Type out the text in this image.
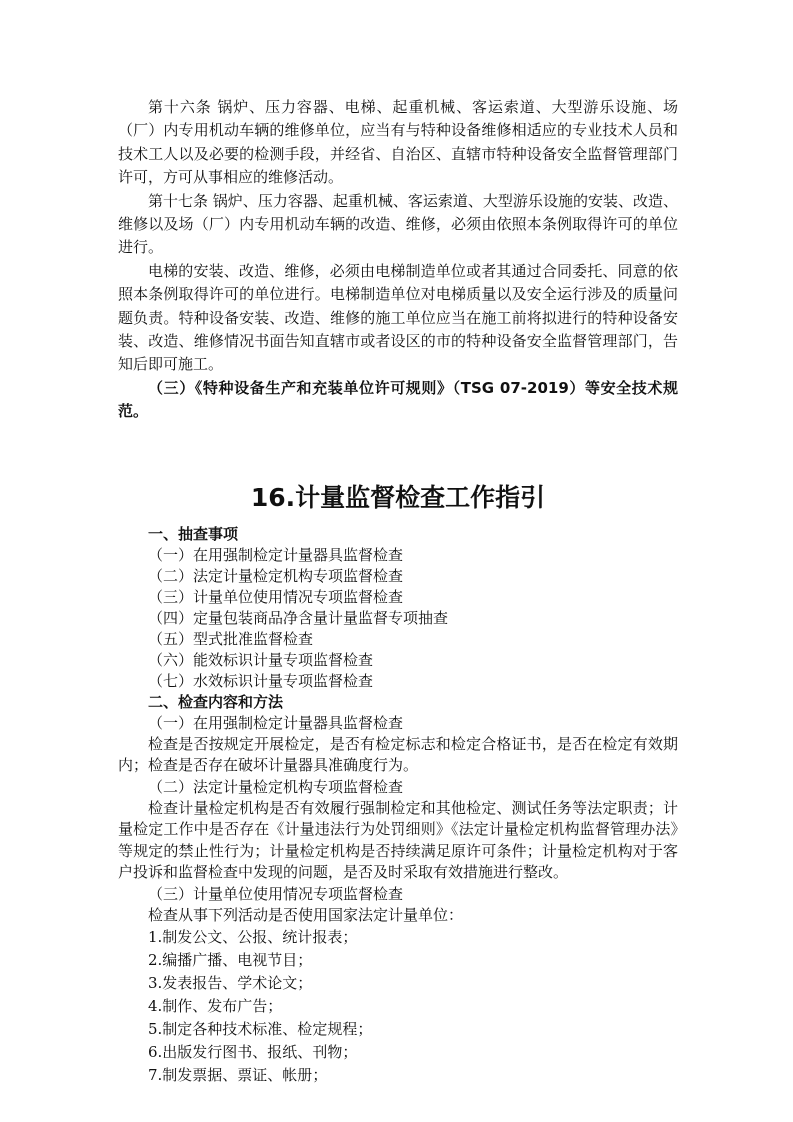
第十六条 锅炉、压力容器、电梯、起重机械、客运索道、大型游乐设施、场（厂）内专用机动车辆的维修单位，应当有与特种设备维修相适应的专业技术人员和技术工人以及必要的检测手段，并经省、自治区、直辖市特种设备安全监督管理部门许可，方可从事相应的维修活动。

第十七条 锅炉、压力容器、起重机械、客运索道、大型游乐设施的安装、改造、维修以及场（厂）内专用机动车辆的改造、维修，必须由依照本条例取得许可的单位进行。

电梯的安装、改造、维修，必须由电梯制造单位或者其通过合同委托、同意的依照本条例取得许可的单位进行。电梯制造单位对电梯质量以及安全运行涉及的质量问题负责。特种设备安装、改造、维修的施工单位应当在施工前将拟进行的特种设备安装、改造、维修情况书面告知直辖市或者设区的市的特种设备安全监督管理部门，告知后即可施工。

（三）《特种设备生产和充装单位许可规则》（TSG 07-2019）等安全技术规范。

16.计量监督检查工作指引

一、抽查事项

（一）在用强制检定计量器具监督检查

（二）法定计量检定机构专项监督检查

（三）计量单位使用情况专项监督检查

（四）定量包装商品净含量计量监督专项抽查

（五）型式批准监督检查

（六）能效标识计量专项监督检查

（七）水效标识计量专项监督检查

二、检查内容和方法

（一）在用强制检定计量器具监督检查

检查是否按规定开展检定，是否有检定标志和检定合格证书，是否在检定有效期内；检查是否存在破坏计量器具准确度行为。

（二）法定计量检定机构专项监督检查

检查计量检定机构是否有效履行强制检定和其他检定、测试任务等法定职责；计量检定工作中是否存在《计量违法行为处罚细则》《法定计量检定机构监督管理办法》等规定的禁止性行为；计量检定机构是否持续满足原许可条件；计量检定机构对于客户投诉和监督检查中发现的问题，是否及时采取有效措施进行整改。

（三）计量单位使用情况专项监督检查

检查从事下列活动是否使用国家法定计量单位：

1.制发公文、公报、统计报表；

2.编播广播、电视节目；

3.发表报告、学术论文；

4.制作、发布广告；

5.制定各种技术标准、检定规程；

6.出版发行图书、报纸、刊物；

7.制发票据、票证、帐册；
